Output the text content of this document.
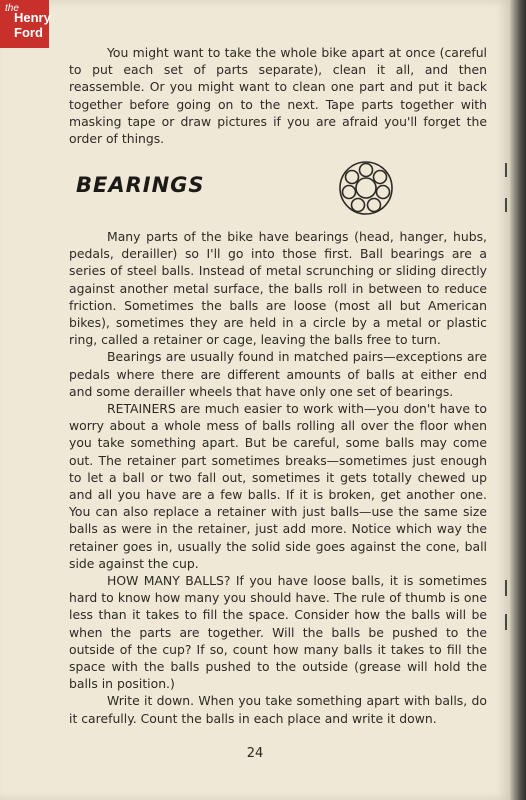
the
Henry
Ford

You might want to take the whole bike apart at once (careful to put each set of parts separate), clean it all, and then reassemble. Or you might want to clean one part and put it back together before going on to the next. Tape parts together with masking tape or draw pictures if you are afraid you'll forget the order of things.

BEARINGS

Many parts of the bike have bearings (head, hanger, hubs, pedals, derailler) so I'll go into those first. Ball bearings are a series of steel balls. Instead of metal scrunching or sliding directly against another metal surface, the balls roll in between to reduce friction. Sometimes the balls are loose (most all but American bikes), sometimes they are held in a circle by a metal or plastic ring, called a retainer or cage, leaving the balls free to turn.

Bearings are usually found in matched pairs—exceptions are pedals where there are different amounts of balls at either end and some derailler wheels that have only one set of bearings.

RETAINERS are much easier to work with—you don't have to worry about a whole mess of balls rolling all over the floor when you take something apart. But be careful, some balls may come out. The retainer part sometimes breaks—sometimes just enough to let a ball or two fall out, sometimes it gets totally chewed up and all you have are a few balls. If it is broken, get another one. You can also replace a retainer with just balls—use the same size balls as were in the retainer, just add more. Notice which way the retainer goes in, usually the solid side goes against the cone, ball side against the cup.

HOW MANY BALLS? If you have loose balls, it is sometimes hard to know how many you should have. The rule of thumb is one less than it takes to fill the space. Consider how the balls will be when the parts are together. Will the balls be pushed to the outside of the cup? If so, count how many balls it takes to fill the space with the balls pushed to the outside (grease will hold the balls in position.)

Write it down. When you take something apart with balls, do it carefully. Count the balls in each place and write it down.

24
